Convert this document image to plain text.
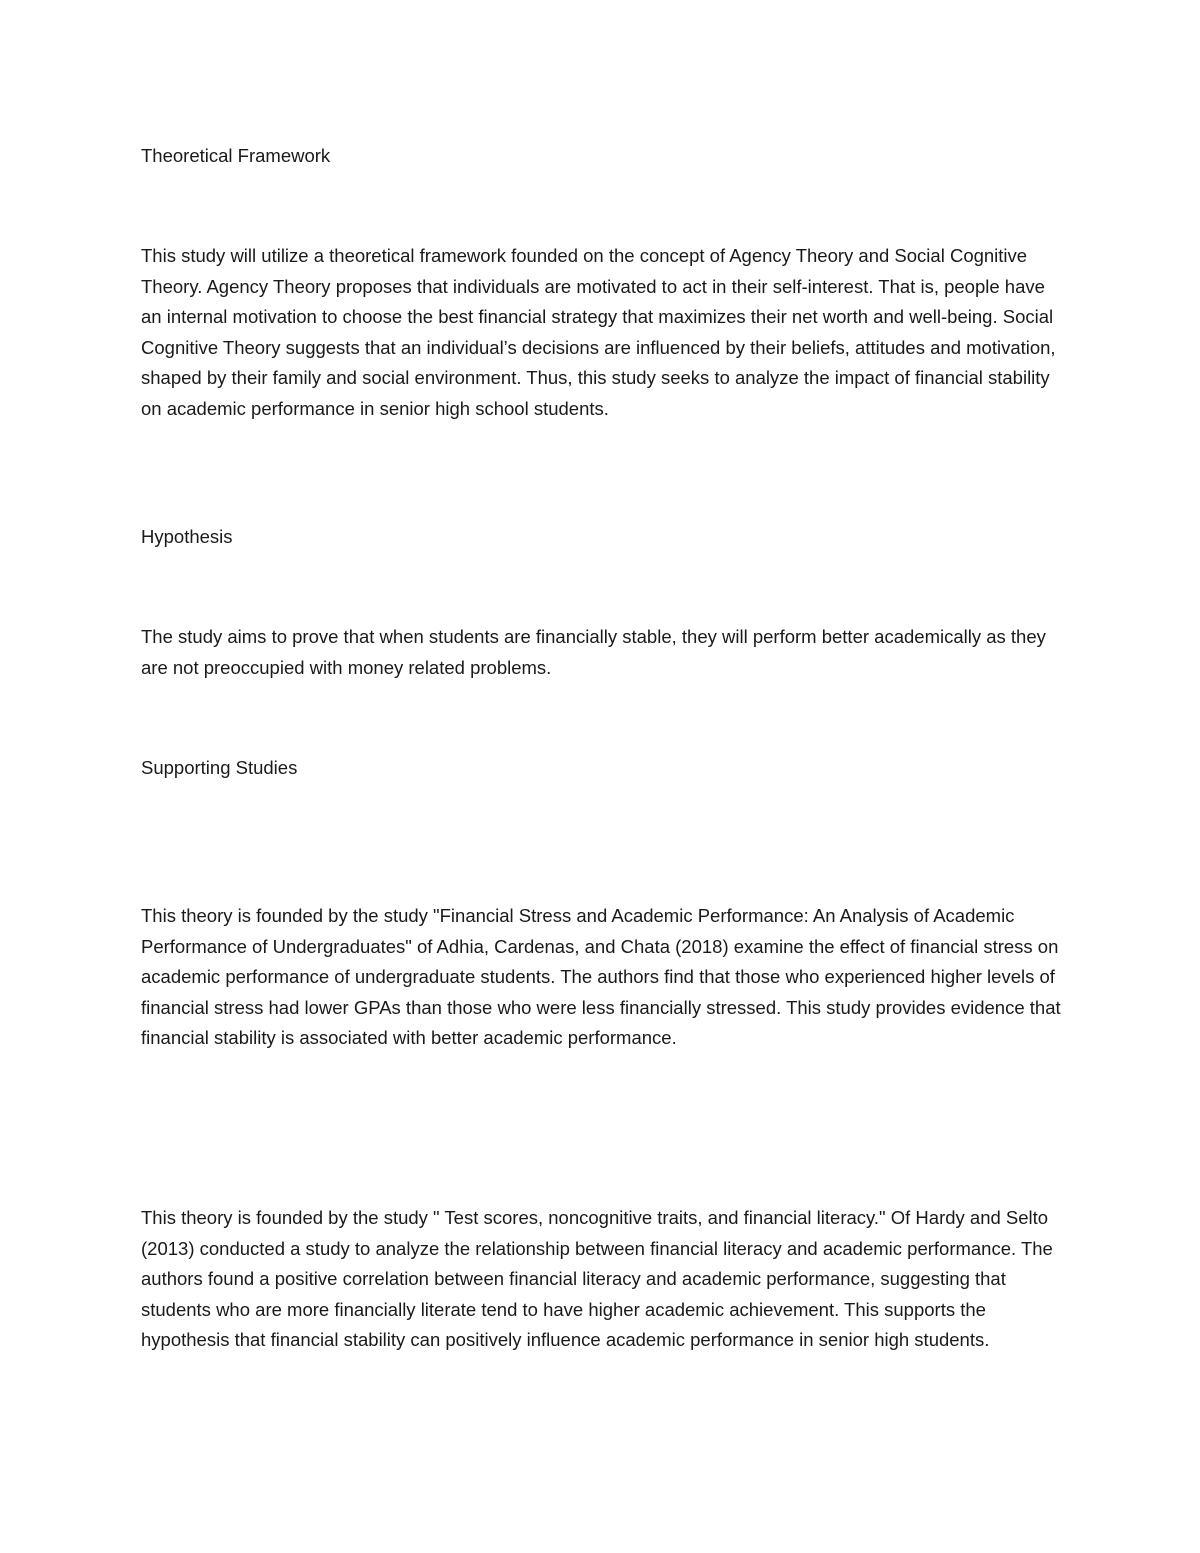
Theoretical Framework

This study will utilize a theoretical framework founded on the concept of Agency Theory and Social Cognitive Theory. Agency Theory proposes that individuals are motivated to act in their self-interest. That is, people have an internal motivation to choose the best financial strategy that maximizes their net worth and well-being. Social Cognitive Theory suggests that an individual’s decisions are influenced by their beliefs, attitudes and motivation, shaped by their family and social environment. Thus, this study seeks to analyze the impact of financial stability on academic performance in senior high school students.

Hypothesis

The study aims to prove that when students are financially stable, they will perform better academically as they are not preoccupied with money related problems.

Supporting Studies

This theory is founded by the study "Financial Stress and Academic Performance: An Analysis of Academic Performance of Undergraduates" of Adhia, Cardenas, and Chata (2018) examine the effect of financial stress on academic performance of undergraduate students. The authors find that those who experienced higher levels of financial stress had lower GPAs than those who were less financially stressed. This study provides evidence that financial stability is associated with better academic performance.

This theory is founded by the study " Test scores, noncognitive traits, and financial literacy." Of Hardy and Selto (2013) conducted a study to analyze the relationship between financial literacy and academic performance. The authors found a positive correlation between financial literacy and academic performance, suggesting that students who are more financially literate tend to have higher academic achievement. This supports the hypothesis that financial stability can positively influence academic performance in senior high students.
